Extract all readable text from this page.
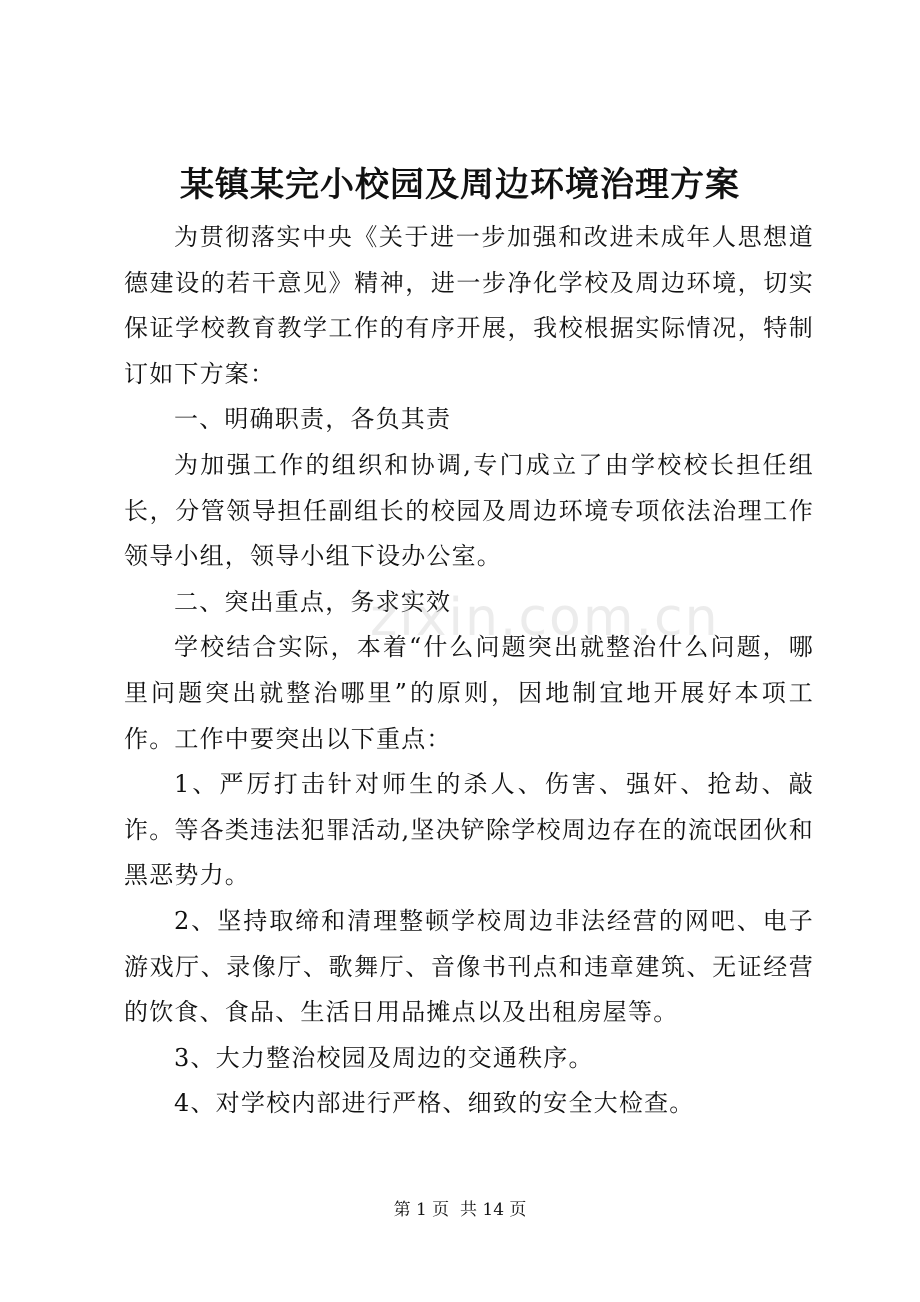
某镇某完小校园及周边环境治理方案

为贯彻落实中央《关于进一步加强和改进未成年人思想道德建设的若干意见》精神，进一步净化学校及周边环境，切实保证学校教育教学工作的有序开展，我校根据实际情况，特制订如下方案：

一、明确职责，各负其责

为加强工作的组织和协调,专门成立了由学校校长担任组长，分管领导担任副组长的校园及周边环境专项依法治理工作领导小组，领导小组下设办公室。

二、突出重点，务求实效

学校结合实际，本着“什么问题突出就整治什么问题，哪里问题突出就整治哪里”的原则，因地制宜地开展好本项工作。工作中要突出以下重点：

1、严厉打击针对师生的杀人、伤害、强奸、抢劫、敲诈。等各类违法犯罪活动,坚决铲除学校周边存在的流氓团伙和黑恶势力。

2、坚持取缔和清理整顿学校周边非法经营的网吧、电子游戏厅、录像厅、歌舞厅、音像书刊点和违章建筑、无证经营的饮食、食品、生活日用品摊点以及出租房屋等。

3、大力整治校园及周边的交通秩序。

4、对学校内部进行严格、细致的安全大检查。

zixin.com.cn
第 1 页  共 14 页
